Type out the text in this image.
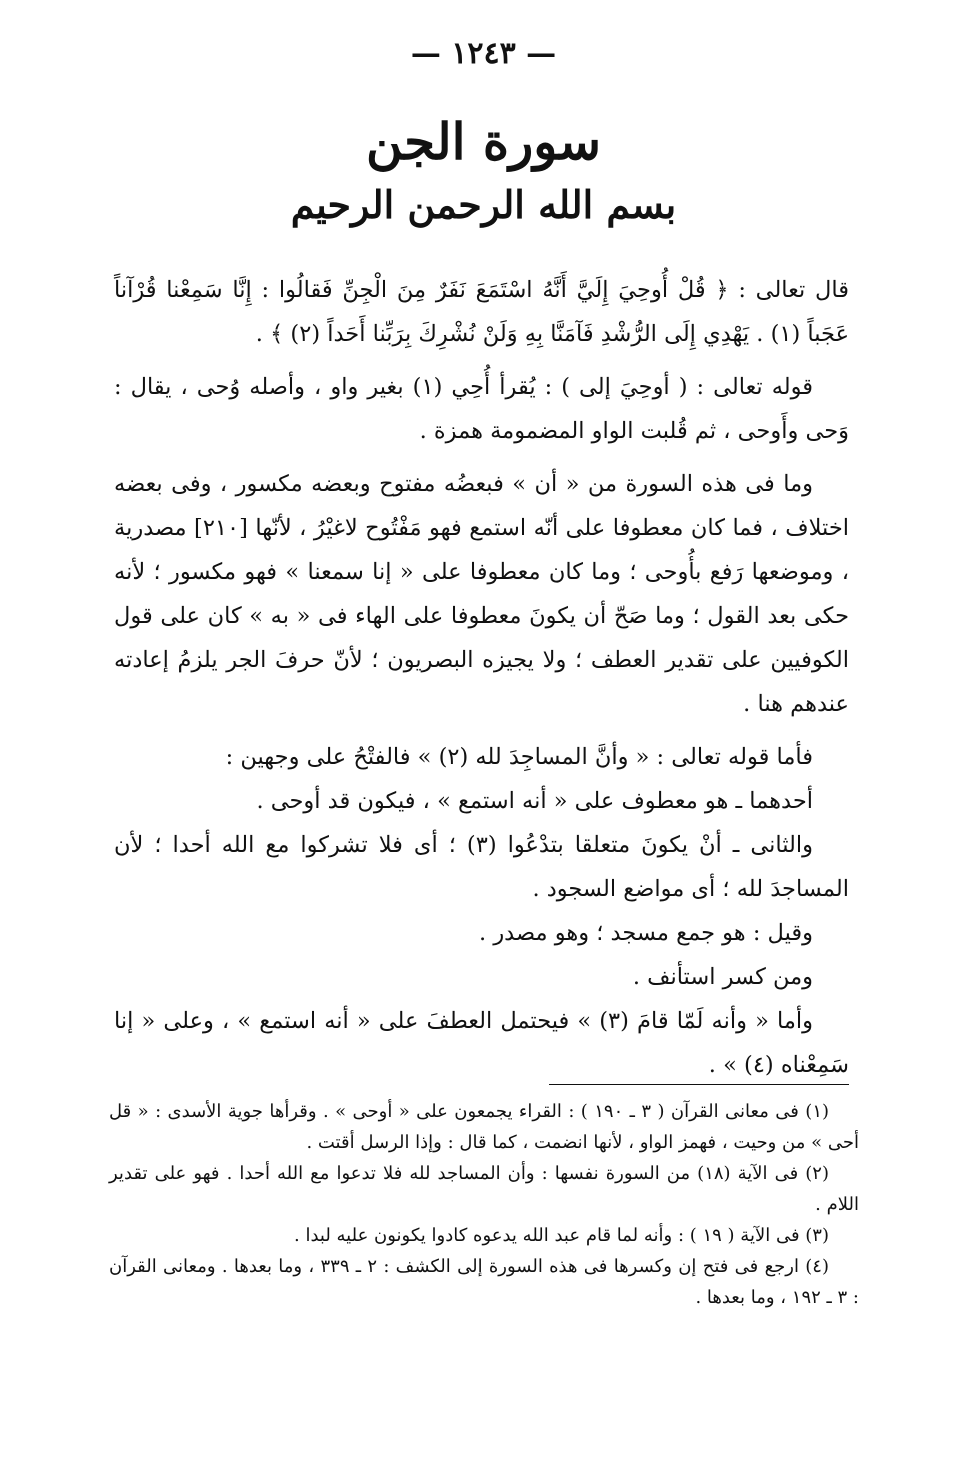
— ١٢٤٣ —
سورة الجن
بسم الله الرحمن الرحيم

قال تعالى : ﴿ قُلْ أُوحِيَ إِلَيَّ أَنَّهُ اسْتَمَعَ نَفَرٌ مِنَ الْجِنِّ فَقالُوا : إِنَّا سَمِعْنا قُرْآناً عَجَباً (١) . يَهْدِي إِلَى الرُّشْدِ فَآمَنَّا بِهِ وَلَنْ نُشْرِكَ بِرَبِّنا أَحَداً (٢) ﴾ .

قوله تعالى : ( أوحِيَ إلى ) : يُقرأ أُحِي (١) بغير واو ، وأصله وُحى ، يقال : وَحى وأَوحى ، ثم قُلبت الواو المضمومة همزة .

وما فى هذه السورة من « أن » فبعضُه مفتوح وبعضه مكسور ، وفى بعضه اختلاف ، فما كان معطوفا على أنّه استمع فهو مَفْتُوح لاغيْرُ ، لأنّها [٢١٠] مصدرية ، وموضعها رَفع بأُوحى ؛ وما كان معطوفا على « إنا سمعنا » فهو مكسور ؛ لأنه حكى بعد القول ؛ وما صَحّ أن يكونَ معطوفا على الهاء فى « به » كان على قول الكوفيين على تقدير العطف ؛ ولا يجيزه البصريون ؛ لأنّ حرفَ الجر يلزمُ إعادته عندهم هنا .

فأما قوله تعالى : « وأنَّ المساجِدَ لله (٢) » فالفتْحُ على وجهين :

أحدهما ـ هو معطوف على « أنه استمع » ، فيكون قد أوحى .

والثانى ـ أنْ يكونَ متعلقا بتدْعُوا (٣) ؛ أى فلا تشركوا مع الله أحدا ؛ لأن المساجدَ لله ؛ أى مواضع السجود .

وقيل : هو جمع مسجد ؛ وهو مصدر .

ومن كسر استأنف .

وأما « وأنه لَمّا قامَ (٣) » فيحتمل العطفَ على « أنه استمع » ، وعلى « إنا سَمِعْناه (٤) » .

(١) فى معانى القرآن ( ٣ ـ ١٩٠ ) : القراء يجمعون على « أوحى » . وقرأها جوية الأسدى : « قل أحى » من وحيت ، فهمز الواو ، لأنها انضمت ، كما قال : وإذا الرسل أقتت .

(٢) فى الآية (١٨) من السورة نفسها : وأن المساجد لله فلا تدعوا مع الله أحدا . فهو على تقدير اللام .

(٣) فى الآية ( ١٩ ) : وأنه لما قام عبد الله يدعوه كادوا يكونون عليه لبدا .

(٤) ارجع فى فتح إن وكسرها فى هذه السورة إلى الكشف : ٢ ـ ٣٣٩ ، وما بعدها . ومعانى القرآن : ٣ ـ ١٩٢ ، وما بعدها .
